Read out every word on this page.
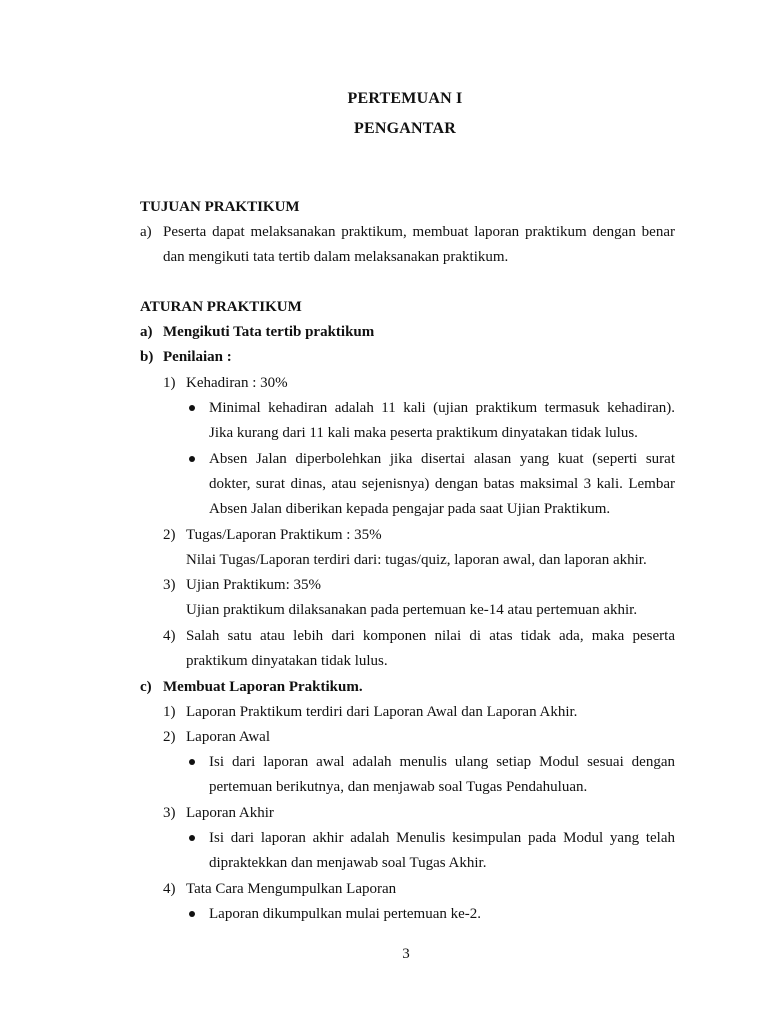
PERTEMUAN I
PENGANTAR
TUJUAN PRAKTIKUM
a) Peserta dapat melaksanakan praktikum, membuat laporan praktikum dengan benar
dan mengikuti tata tertib dalam melaksanakan praktikum.
ATURAN PRAKTIKUM
a) Mengikuti Tata tertib praktikum
b) Penilaian :
1) Kehadiran : 30%
Minimal kehadiran adalah 11 kali (ujian praktikum termasuk kehadiran).
Jika kurang dari 11 kali maka peserta praktikum dinyatakan tidak lulus.
Absen Jalan diperbolehkan jika disertai alasan yang kuat (seperti surat
dokter, surat dinas, atau sejenisnya) dengan batas maksimal 3 kali. Lembar
Absen Jalan diberikan kepada pengajar pada saat Ujian Praktikum.
2) Tugas/Laporan Praktikum : 35%
Nilai Tugas/Laporan terdiri dari: tugas/quiz, laporan awal, dan laporan akhir.
3) Ujian Praktikum: 35%
Ujian praktikum dilaksanakan pada pertemuan ke-14 atau pertemuan akhir.
4) Salah satu atau lebih dari komponen nilai di atas tidak ada, maka peserta
praktikum dinyatakan tidak lulus.
c) Membuat Laporan Praktikum.
1) Laporan Praktikum terdiri dari Laporan Awal dan Laporan Akhir.
2) Laporan Awal
Isi dari laporan awal adalah menulis ulang setiap Modul sesuai dengan
pertemuan berikutnya, dan menjawab soal Tugas Pendahuluan.
3) Laporan Akhir
Isi dari laporan akhir adalah Menulis kesimpulan pada Modul yang telah
dipraktekkan dan menjawab soal Tugas Akhir.
4) Tata Cara Mengumpulkan Laporan
Laporan dikumpulkan mulai pertemuan ke-2.
3
